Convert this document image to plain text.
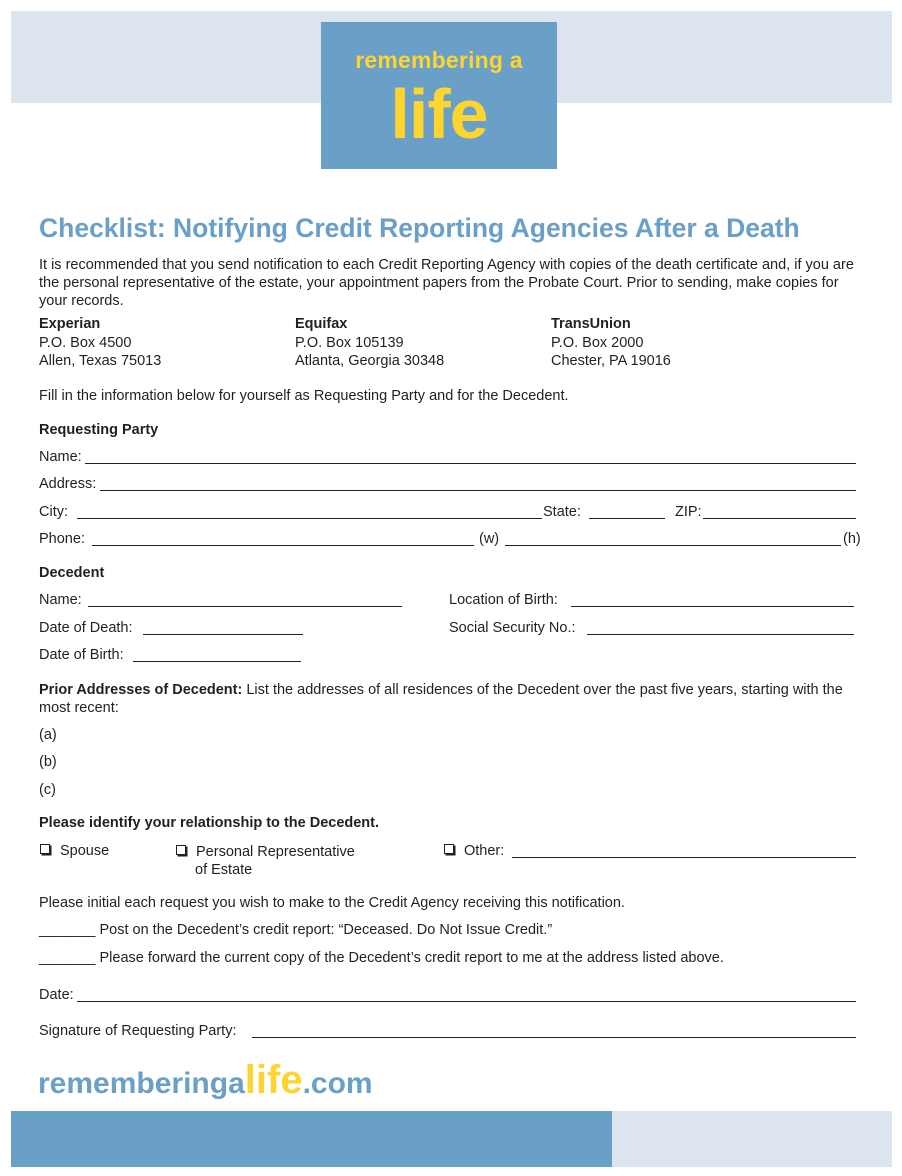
remembering a
life
Checklist: Notifying Credit Reporting Agencies After a Death
It is recommended that you send notification to each Credit Reporting Agency with copies of the death certificate and, if you are the personal representative of the estate, your appointment papers from the Probate Court. Prior to sending, make copies for your records.
Experian
P.O. Box 4500
Allen, Texas 75013
Equifax
P.O. Box 105139
Atlanta, Georgia 30348
TransUnion
P.O. Box 2000
Chester, PA 19016
Fill in the information below for yourself as Requesting Party and for the Decedent.
Requesting Party
Name:
Address:
City:	State:	ZIP:
Phone:	(w)	(h)
Decedent
Name:	Location of Birth:
Date of Death:	Social Security No.:
Date of Birth:
Prior Addresses of Decedent: List the addresses of all residences of the Decedent over the past five years, starting with the most recent:
(a)
(b)
(c)
Please identify your relationship to the Decedent.
Spouse	Personal Representative
of Estate
Other:
Please initial each request you wish to make to the Credit Agency receiving this notification.
_______ Post on the Decedent’s credit report: “Deceased. Do Not Issue Credit.”
_______ Please forward the current copy of the Decedent’s credit report to me at the address listed above.
Date:
Signature of Requesting Party:
rememberingalife.com
